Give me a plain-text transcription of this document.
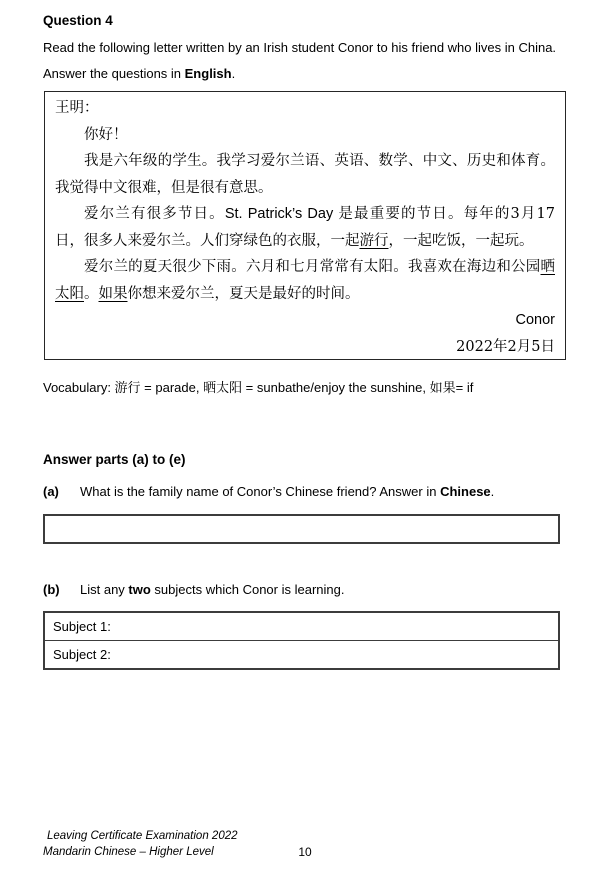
Question 4
Read the following letter written by an Irish student Conor to his friend who lives in China.
Answer the questions in English.

王明：

你好！

我是六年级的学生。我学习爱尔兰语、英语、数学、中文、历史和体育。我觉得中文很难，但是很有意思。

爱尔兰有很多节日。St. Patrick’s Day 是最重要的节日。每年的3月17日，很多人来爱尔兰。人们穿绿色的衣服，一起游行，一起吃饭，一起玩。

爱尔兰的夏天很少下雨。六月和七月常常有太阳。我喜欢在海边和公园晒太阳。如果你想来爱尔兰，夏天是最好的时间。

Conor

2022年2月5日

Vocabulary: 游行 = parade, 晒太阳 = sunbathe/enjoy the sunshine, 如果= if
Answer parts (a) to (e)
(a) What is the family name of Conor’s Chinese friend? Answer in Chinese.
(b) List any two subjects which Conor is learning.
Subject 1:
Subject 2:
Leaving Certificate Examination 2022
Mandarin Chinese – Higher Level	10
